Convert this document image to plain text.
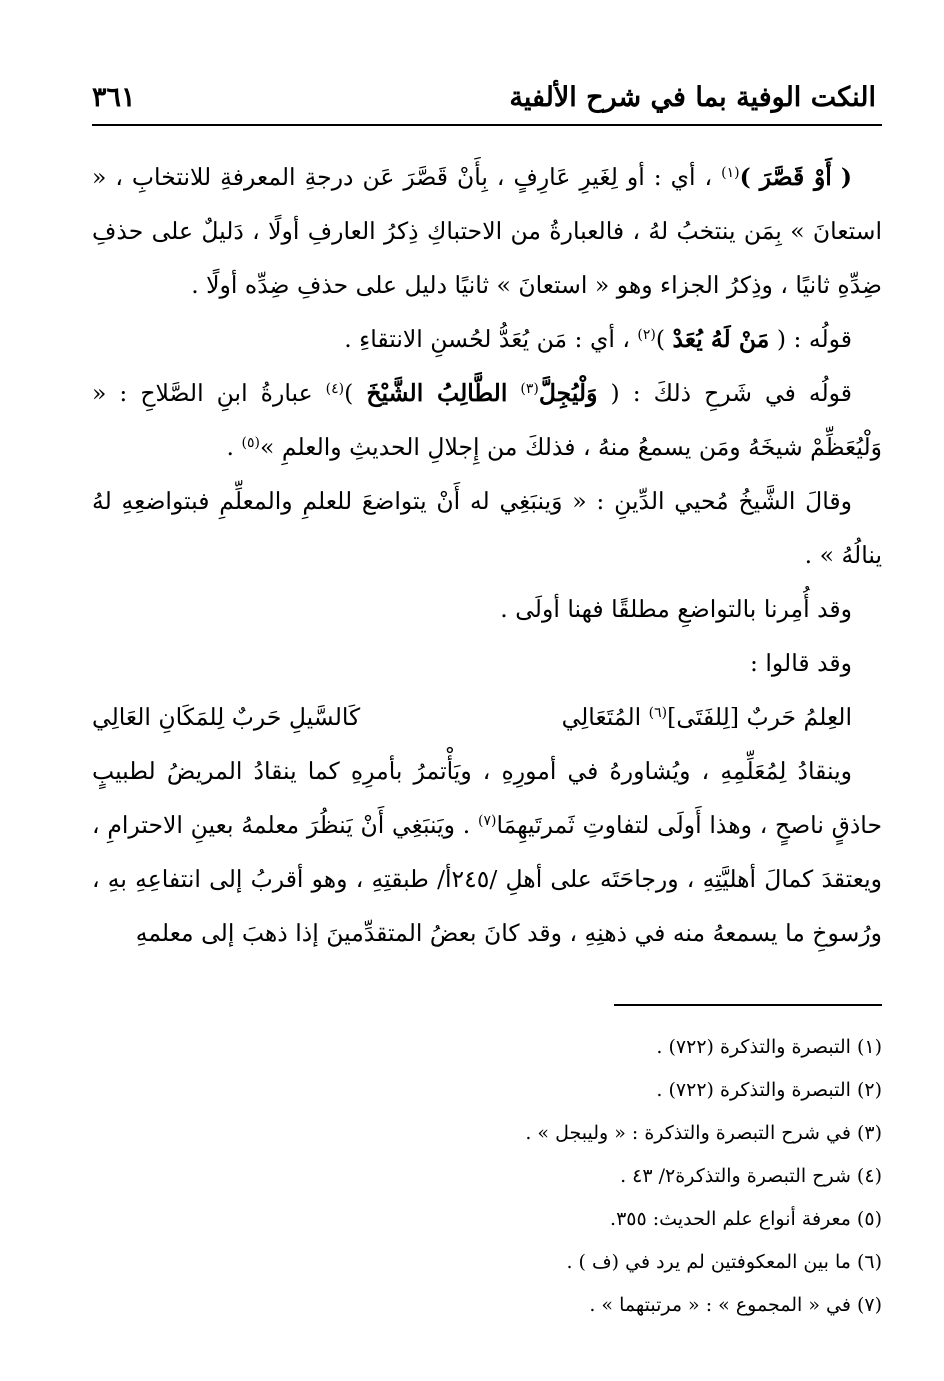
النكت الوفية بما في شرح الألفية
٣٦١

( أَوْ قَصَّرَ )$^{(١)}$ ، أي : أو لِغَيرِ عَارِفٍ ، بِأَنْ قَصَّرَ عَن درجةِ المعرفةِ للانتخابِ ، « استعانَ » بِمَن ينتخبُ لهُ ، فالعبارةُ من الاحتباكِ ذِكرُ العارفِ أولًا ، دَليلٌ على حذفِ ضِدِّهِ ثانيًا ، وذِكرُ الجزاء وهو « استعانَ » ثانيًا دليل على حذفِ ضِدِّه أولًا .

قولُه : ( مَنْ لَهُ يُعَدْ )$^{(٢)}$ ، أي : مَن يُعَدُّ لحُسنِ الانتقاءِ .

قولُه في شَرحِ ذلكَ : ( وَلْيُجِلَّ$^{(٣)}$ الطَّالِبُ الشَّيْخَ )$^{(٤)}$ عبارةُ ابنِ الصَّلاحِ : « وَلْيُعَظِّمْ شيخَهُ ومَن يسمعُ منهُ ، فذلكَ من إِجلالِ الحديثِ والعلمِ »$^{(٥)}$ .

وقالَ الشَّيخُ مُحيي الدِّينِ : « وَينبَغِي له أَنْ يتواضعَ للعلمِ والمعلِّمِ فبتواضعِهِ لهُ ينالُهُ » .

وقد أُمِرنا بالتواضعِ مطلقًا فهنا أولَى .

وقد قالوا :

العِلمُ حَربٌ [لِلفَتَى]$^{(٦)}$ المُتَعَالِي
كَالسَّيلِ حَربٌ لِلمَكَانِ العَالِي

وينقادُ لِمُعَلِّمِهِ ، ويُشاورهُ في أمورِهِ ، ويَأْتمرُ بأمرِهِ كما ينقادُ المريضُ لطبيبٍ حاذقٍ ناصحٍ ، وهذا أَولَى لتفاوتِ ثَمرتَيهِمَا$^{(٧)}$ . ويَنبَغِي أَنْ يَنظُرَ معلمهُ بعينِ الاحترامِ ، ويعتقدَ كمالَ أهليَّتِهِ ، ورجاحَتَه على أهلِ /٢٤٥أ/ طبقتِهِ ، وهو أقربُ إلى انتفاعِهِ بهِ ، ورُسوخِ ما يسمعهُ منه في ذهنِهِ ، وقد كانَ بعضُ المتقدِّمينَ إذا ذهبَ إلى معلمهِ

(١) التبصرة والتذكرة (٧٢٢) .
(٢) التبصرة والتذكرة (٧٢٢) .
(٣) في شرح التبصرة والتذكرة : « وليبجل » .
(٤) شرح التبصرة والتذكرة٢/ ٤٣ .
(٥) معرفة أنواع علم الحديث: ٣٥٥.
(٦) ما بين المعكوفتين لم يرد في (ف ) .
(٧) في « المجموع » : « مرتبتهما » .
